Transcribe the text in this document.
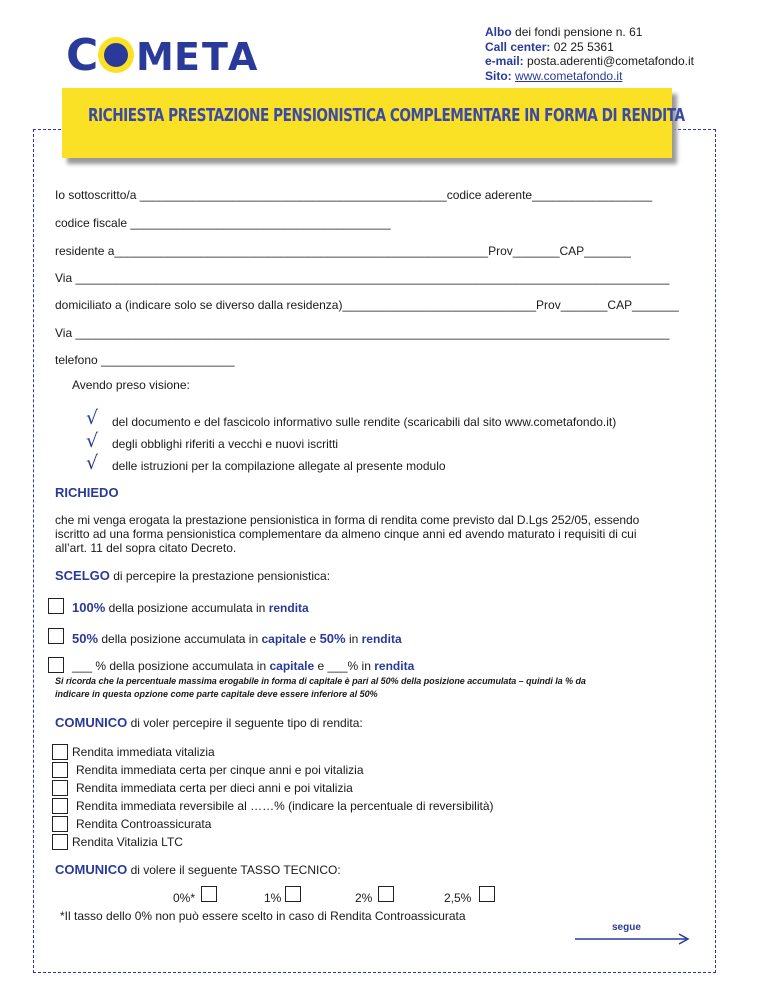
C M E T A
Albo dei fondi pensione n. 61
Call center: 02 25 5361
e-mail: posta.aderenti@cometafondo.it
Sito: www.cometafondo.it
RICHIESTA PRESTAZIONE PENSIONISTICA COMPLEMENTARE IN FORMA DI RENDITA
Io sottoscritto/a ______________________________________________codice aderente__________________
codice fiscale _______________________________________
residente a________________________________________________________Prov_______CAP_______
Via _________________________________________________________________________________________
domiciliato a (indicare solo se diverso dalla residenza)_____________________________Prov_______CAP_______
Via _________________________________________________________________________________________
telefono ____________________
Avendo preso visione:
√ del documento e del fascicolo informativo sulle rendite (scaricabili dal sito www.cometafondo.it)
√ degli obblighi riferiti a vecchi e nuovi iscritti
√ delle istruzioni per la compilazione allegate al presente modulo
RICHIEDO
che mi venga erogata la prestazione pensionistica in forma di rendita come previsto dal D.Lgs 252/05, essendo
iscritto ad una forma pensionistica complementare da almeno cinque anni ed avendo maturato i requisiti di cui
all’art. 11 del sopra citato Decreto.
SCELGO di percepire la prestazione pensionistica:
100% della posizione accumulata in rendita
50% della posizione accumulata in capitale e 50% in rendita
___ % della posizione accumulata in capitale e ___% in rendita
Si ricorda che la percentuale massima erogabile in forma di capitale è pari al 50% della posizione accumulata – quindi la % da
indicare in questa opzione come parte capitale deve essere inferiore al 50%
COMUNICO di voler percepire il seguente tipo di rendita:
Rendita immediata vitalizia
Rendita immediata certa per cinque anni e poi vitalizia
Rendita immediata certa per dieci anni e poi vitalizia
Rendita immediata reversibile al ……% (indicare la percentuale di reversibilità)
Rendita Controassicurata
Rendita Vitalizia LTC
COMUNICO di volere il seguente TASSO TECNICO:
0%*	1%	2%	2,5%
*Il tasso dello 0% non può essere scelto in caso di Rendita Controassicurata
segue
